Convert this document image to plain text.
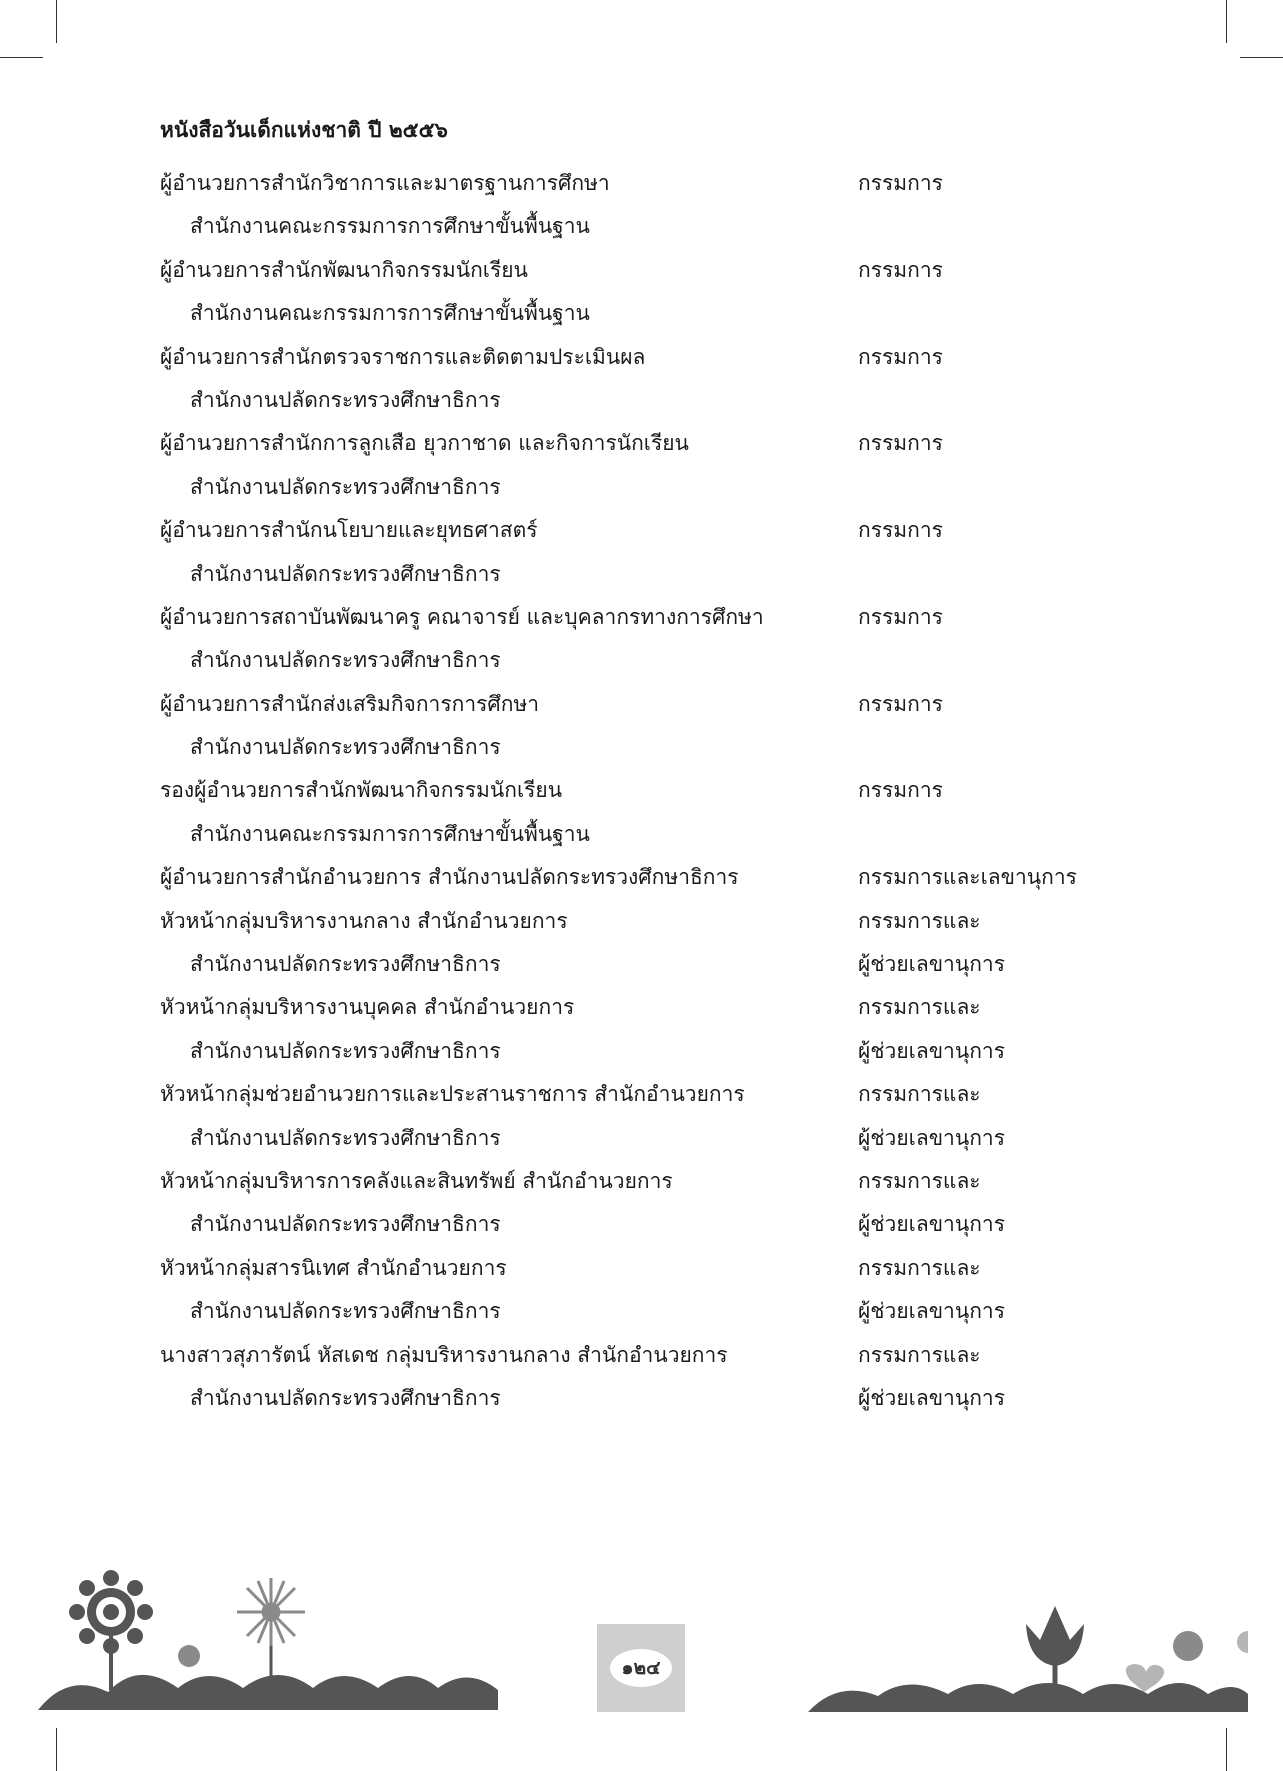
หนังสือวันเด็กแห่งชาติ ปี ๒๕๕๖
ผู้อำนวยการสำนักวิชาการและมาตรฐานการศึกษา	กรรมการ
สำนักงานคณะกรรมการการศึกษาขั้นพื้นฐาน
ผู้อำนวยการสำนักพัฒนากิจกรรมนักเรียน	กรรมการ
สำนักงานคณะกรรมการการศึกษาขั้นพื้นฐาน
ผู้อำนวยการสำนักตรวจราชการและติดตามประเมินผล	กรรมการ
สำนักงานปลัดกระทรวงศึกษาธิการ
ผู้อำนวยการสำนักการลูกเสือ ยุวกาชาด และกิจการนักเรียน	กรรมการ
สำนักงานปลัดกระทรวงศึกษาธิการ
ผู้อำนวยการสำนักนโยบายและยุทธศาสตร์	กรรมการ
สำนักงานปลัดกระทรวงศึกษาธิการ
ผู้อำนวยการสถาบันพัฒนาครู คณาจารย์ และบุคลากรทางการศึกษา	กรรมการ
สำนักงานปลัดกระทรวงศึกษาธิการ
ผู้อำนวยการสำนักส่งเสริมกิจการการศึกษา	กรรมการ
สำนักงานปลัดกระทรวงศึกษาธิการ
รองผู้อำนวยการสำนักพัฒนากิจกรรมนักเรียน	กรรมการ
สำนักงานคณะกรรมการการศึกษาขั้นพื้นฐาน
ผู้อำนวยการสำนักอำนวยการ สำนักงานปลัดกระทรวงศึกษาธิการ	กรรมการและเลขานุการ
หัวหน้ากลุ่มบริหารงานกลาง สำนักอำนวยการ	กรรมการและ
สำนักงานปลัดกระทรวงศึกษาธิการ	ผู้ช่วยเลขานุการ
หัวหน้ากลุ่มบริหารงานบุคคล สำนักอำนวยการ	กรรมการและ
สำนักงานปลัดกระทรวงศึกษาธิการ	ผู้ช่วยเลขานุการ
หัวหน้ากลุ่มช่วยอำนวยการและประสานราชการ สำนักอำนวยการ	กรรมการและ
สำนักงานปลัดกระทรวงศึกษาธิการ	ผู้ช่วยเลขานุการ
หัวหน้ากลุ่มบริหารการคลังและสินทรัพย์ สำนักอำนวยการ	กรรมการและ
สำนักงานปลัดกระทรวงศึกษาธิการ	ผู้ช่วยเลขานุการ
หัวหน้ากลุ่มสารนิเทศ สำนักอำนวยการ	กรรมการและ
สำนักงานปลัดกระทรวงศึกษาธิการ	ผู้ช่วยเลขานุการ
นางสาวสุภารัตน์ หัสเดช กลุ่มบริหารงานกลาง สำนักอำนวยการ	กรรมการและ
สำนักงานปลัดกระทรวงศึกษาธิการ	ผู้ช่วยเลขานุการ
๑๒๔
